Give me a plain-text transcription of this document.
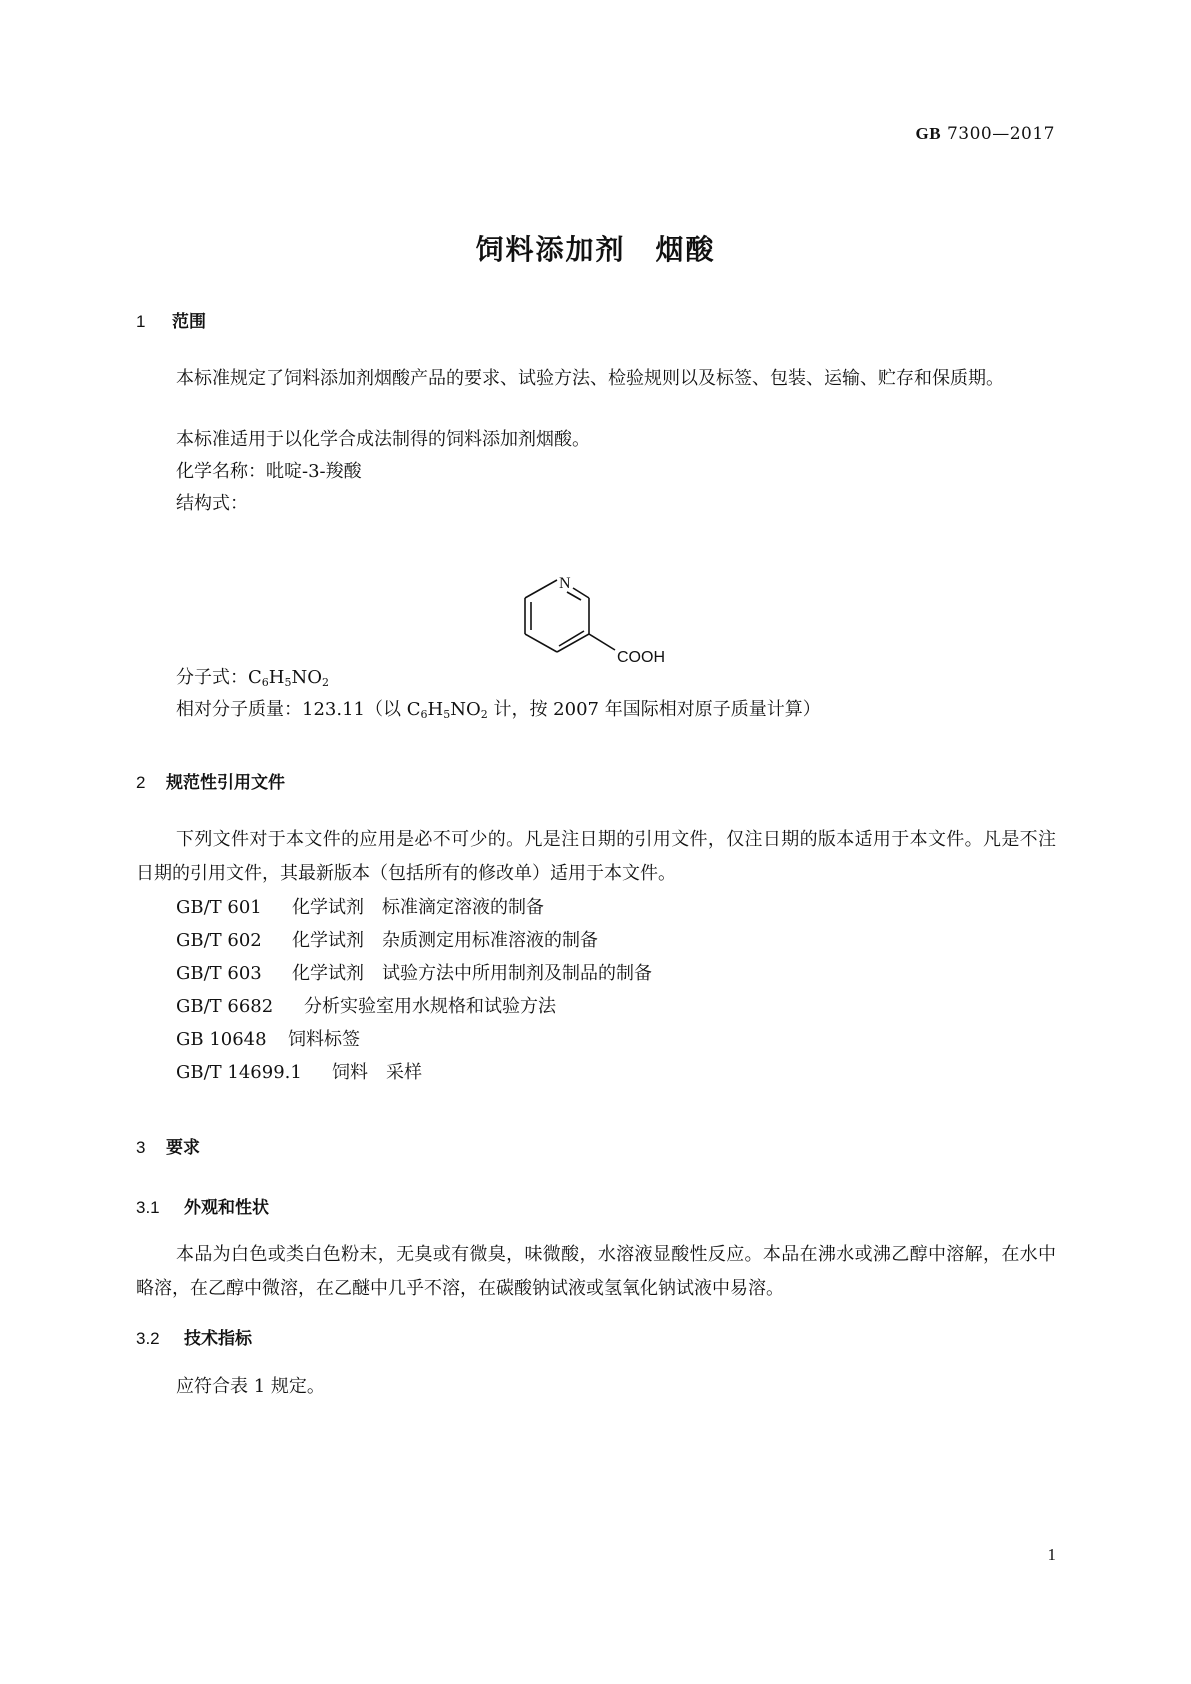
GB 7300—2017
饲料添加剂　烟酸
1 范围
本标准规定了饲料添加剂烟酸产品的要求、试验方法、检验规则以及标签、包装、运输、贮存和保质期。
本标准适用于以化学合成法制得的饲料添加剂烟酸。
化学名称：吡啶-3-羧酸
结构式：
N
COOH
分子式：$C_6H_5NO_2$
相对分子质量：123.11（以 $C_6H_5NO_2$ 计，按 2007 年国际相对原子质量计算）
2 规范性引用文件
下列文件对于本文件的应用是必不可少的。凡是注日期的引用文件，仅注日期的版本适用于本文件。凡是不注日期的引用文件，其最新版本（包括所有的修改单）适用于本文件。
GB/T 601 化学试剂　标准滴定溶液的制备
GB/T 602 化学试剂　杂质测定用标准溶液的制备
GB/T 603 化学试剂　试验方法中所用制剂及制品的制备
GB/T 6682 分析实验室用水规格和试验方法
GB 10648 饲料标签
GB/T 14699.1 饲料　采样
3 要求
3.1 外观和性状
本品为白色或类白色粉末，无臭或有微臭，味微酸，水溶液显酸性反应。本品在沸水或沸乙醇中溶解，在水中略溶，在乙醇中微溶，在乙醚中几乎不溶，在碳酸钠试液或氢氧化钠试液中易溶。
3.2 技术指标
应符合表 1 规定。
1
